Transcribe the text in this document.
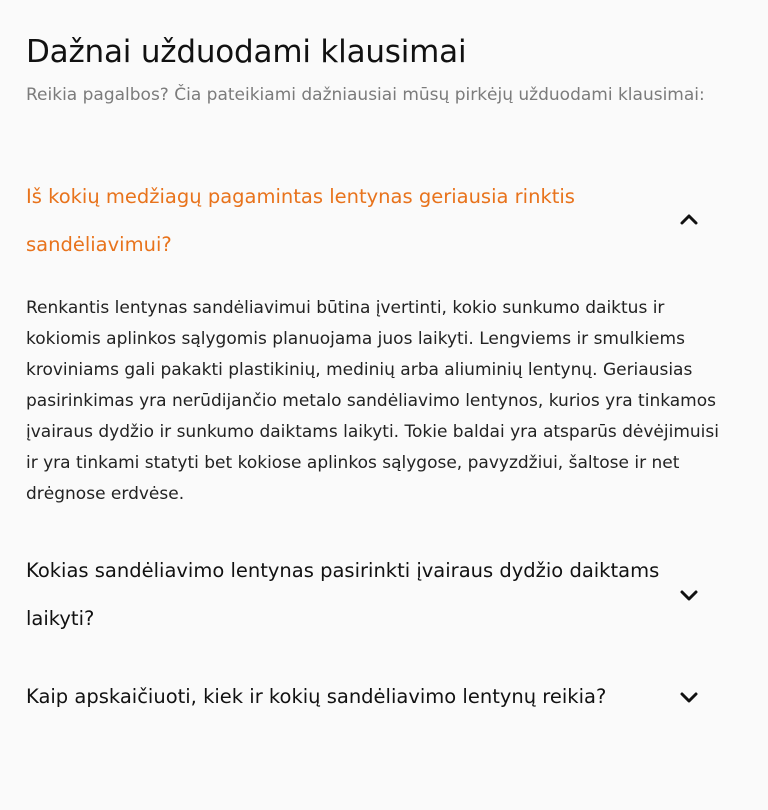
Dažnai užduodami klausimai
Reikia pagalbos? Čia pateikiami dažniausiai mūsų pirkėjų užduodami klausimai:
Iš kokių medžiagų pagamintas lentynas geriausia rinktis sandėliavimui?
Renkantis lentynas sandėliavimui būtina įvertinti, kokio sunkumo daiktus ir kokiomis aplinkos sąlygomis planuojama juos laikyti. Lengviems ir smulkiems kroviniams gali pakakti plastikinių, medinių arba aliuminių lentynų. Geriausias pasirinkimas yra nerūdijančio metalo sandėliavimo lentynos, kurios yra tinkamos įvairaus dydžio ir sunkumo daiktams laikyti. Tokie baldai yra atsparūs dėvėjimuisi ir yra tinkami statyti bet kokiose aplinkos sąlygose, pavyzdžiui, šaltose ir net drėgnose erdvėse.
Kokias sandėliavimo lentynas pasirinkti įvairaus dydžio daiktams laikyti?
Kaip apskaičiuoti, kiek ir kokių sandėliavimo lentynų reikia?
